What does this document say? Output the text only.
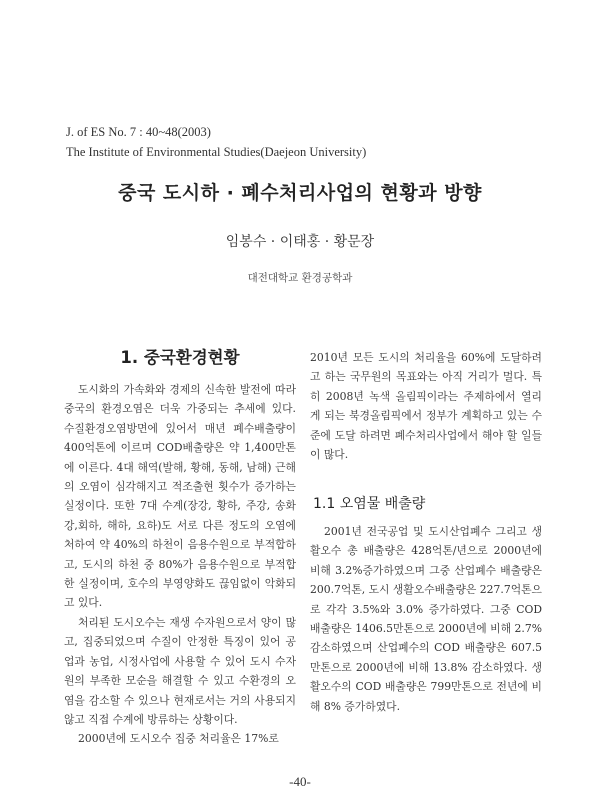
J. of ES No. 7 : 40~48(2003)
The Institute of Environmental Studies(Daejeon University)
중국 도시하 · 폐수처리사업의 현황과 방향
임봉수 · 이태홍 · 황문장
대전대학교 환경공학과
1. 중국환경현황

도시화의 가속화와 경제의 신속한 발전에 따라 중국의 환경오염은 더욱 가중되는 추세에 있다. 수질환경오염방면에 있어서 매년 폐수배출량이 400억톤에 이르며 COD배출량은 약 1,400만톤에 이른다. 4대 해역(발해, 황해, 동해, 남해) 근해의 오염이 심각해지고 적조출현 횟수가 증가하는 실정이다. 또한 7대 수계(장강, 황하, 주강, 송화강,회하, 해하, 요하)도 서로 다른 정도의 오염에 처하여 약 40%의 하천이 음용수원으로 부적합하고, 도시의 하천 중 80%가 음용수원으로 부적합한 실정이며, 호수의 부영양화도 끊임없이 악화되고 있다.

처리된 도시오수는 재생 수자원으로서 양이 많고, 집중되었으며 수질이 안정한 특징이 있어 공업과 농업, 시정사업에 사용할 수 있어 도시 수자원의 부족한 모순을 해결할 수 있고 수환경의 오염을 감소할 수 있으나 현재로서는 거의 사용되지 않고 직접 수계에 방류하는 상황이다.

2000년에 도시오수 집중 처리율은 17%로

2010년 모든 도시의 처리율을 60%에 도달하려고 하는 국무원의 목표와는 아직 거리가 멀다. 특히 2008년 녹색 올림픽이라는 주제하에서 열리게 되는 북경올림픽에서 정부가 계획하고 있는 수준에 도달 하려면 폐수처리사업에서 해야 할 일들이 많다.

1.1 오염물 배출량

2001년 전국공업 및 도시산업폐수 그리고 생활오수 총 배출량은 428억톤/년으로 2000년에 비해 3.2%증가하였으며 그중 산업폐수 배출량은 200.7억톤, 도시 생활오수배출량은 227.7억톤으로 각각 3.5%와 3.0% 증가하였다. 그중 COD 배출량은 1406.5만톤으로 2000년에 비해 2.7% 감소하였으며 산업폐수의 COD 배출량은 607.5만톤으로 2000년에 비해 13.8% 감소하였다. 생활오수의 COD 배출량은 799만톤으로 전년에 비해 8% 증가하였다.

-40-
